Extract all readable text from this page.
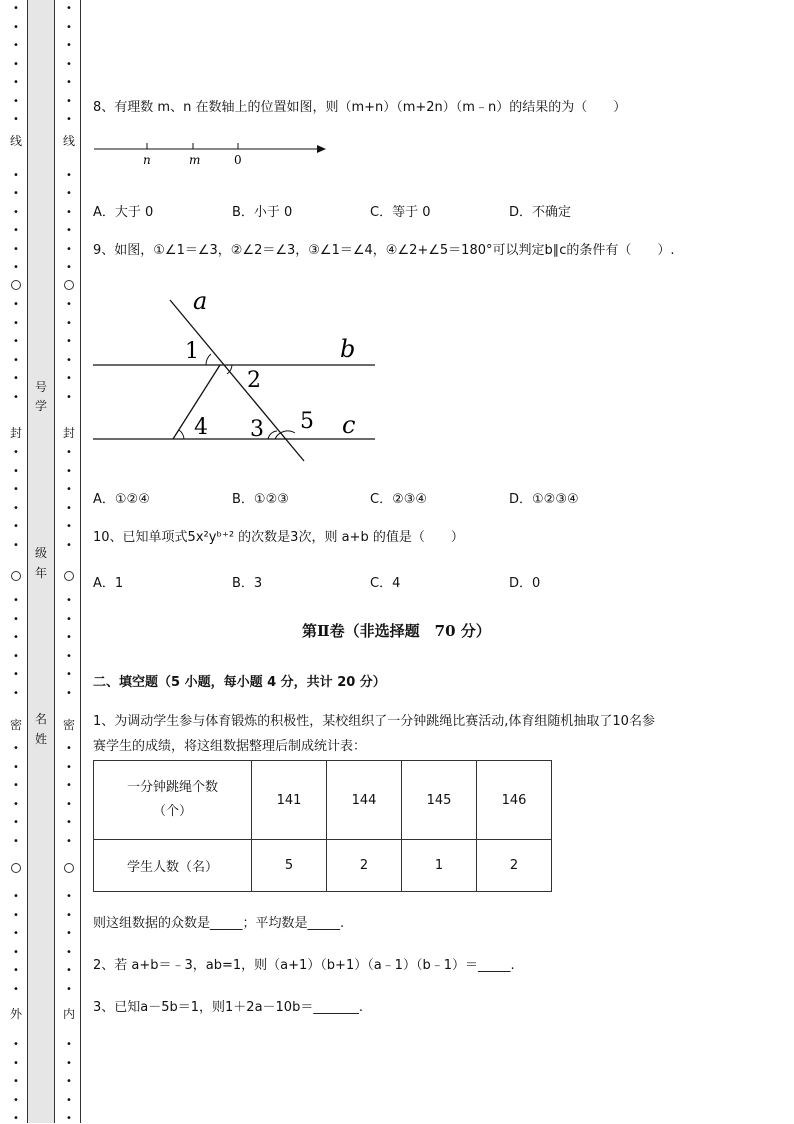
•
•
•
•
•
•
•
•
•
•
•
•
•
•
•
•
•
•
•
•
•
•
•
•
•
•
•
•
•
•
•
•
•
•
•
•
•
•
•
•
•
•
•
•
•
•
•
•
•
•
•
•
•
•
•
•
•
•
•
•
•
•
•
•
•
•
•
•
•
•
•
•
•
•
•
•
•
•
•
•
•
•
•
•
•
•
•
•
•
•
•
•
•
•
•
•
线
封
密
外
线
封
密
内
号
学
级
年
名
姓
8、有理数 m、n 在数轴上的位置如图，则（m+n）（m+2n）（m﹣n）的结果的为（　　）
n	m	0
A．大于 0	B．小于 0	C．等于 0	D．不确定
9、如图，①∠1＝∠3，②∠2＝∠3，③∠1＝∠4，④∠2+∠5＝180°可以判定b∥c的条件有（　　）.
a
b
c
1
2
3
4	5
A．①②④	B．①②③	C．②③④	D．①②③④
10、已知单项式5x²yᵇ⁺² 的次数是3次，则 a+b 的值是（　　）
A．1	B．3	C．4	D．0
第Ⅱ卷（非选择题　70 分）
二、填空题（5 小题，每小题 4 分，共计 20 分）
1、为调动学生参与体育锻炼的积极性，某校组织了一分钟跳绳比赛活动,体育组随机抽取了10名参
赛学生的成绩，将这组数据整理后制成统计表：
一分钟跳绳个数
（个）	141	144	145	146
学生人数（名）	5	2	1	2
则这组数据的众数是_____；平均数是_____.
2、若 a+b＝﹣3，ab=1，则（a+1）（b+1）（a﹣1）（b﹣1）＝_____.
3、已知a－5b＝1，则1＋2a－10b＝_______.
